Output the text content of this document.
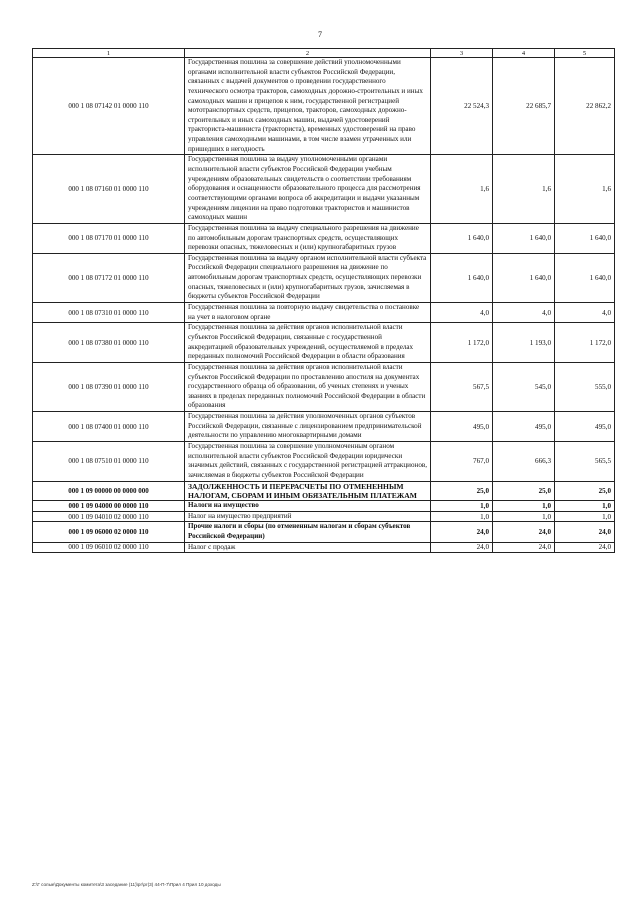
7
1	2	3	4	5
000 1 08 07142 01 0000 110	Государственная пошлина за совершение действий уполномоченными органами исполнительной власти субъектов Российской Федерации, связанных с выдачей документов о проведении государственного технического осмотра тракторов, самоходных дорожно-строительных и иных самоходных машин и прицепов к ним, государственной регистрацией мототранспортных средств, прицепов, тракторов, самоходных дорожно-строительных и иных самоходных машин, выдачей удостоверений тракториста-машиниста (тракториста), временных удостоверений на право управления самоходными машинами, в том числе взамен утраченных или пришедших в негодность	22 524,3	22 685,7	22 862,2
000 1 08 07160 01 0000 110	Государственная пошлина за выдачу уполномоченными органами исполнительной власти субъектов Российской Федерации учебным учреждениям образовательных свидетельств о соответствии требованиям оборудования и оснащенности образовательного процесса для рассмотрения соответствующими органами вопроса об аккредитации и выдачи указанным учреждениям лицензии на право подготовки трактористов и машинистов самоходных машин	1,6	1,6	1,6
000 1 08 07170 01 0000 110	Государственная пошлина за выдачу специального разрешения на движение по автомобильным дорогам транспортных средств, осуществляющих перевозки опасных, тяжеловесных и (или) крупногабаритных грузов	1 640,0	1 640,0	1 640,0
000 1 08 07172 01 0000 110	Государственная пошлина за выдачу органом исполнительной власти субъекта Российской Федерации специального разрешения на движение по автомобильным дорогам транспортных средств, осуществляющих перевозки опасных, тяжеловесных и (или) крупногабаритных грузов, зачисляемая в бюджеты субъектов Российской Федерации	1 640,0	1 640,0	1 640,0
000 1 08 07310 01 0000 110	Государственная пошлина за повторную выдачу свидетельства о постановке на учет в налоговом органе	4,0	4,0	4,0
000 1 08 07380 01 0000 110	Государственная пошлина за действия органов исполнительной власти субъектов Российской Федерации, связанные с государственной аккредитацией образовательных учреждений, осуществляемой в пределах переданных полномочий Российской Федерации в области образования	1 172,0	1 193,0	1 172,0
000 1 08 07390 01 0000 110	Государственная пошлина за действия органов исполнительной власти субъектов Российской Федерации по проставлению апостиля на документах государственного образца об образовании, об ученых степенях и ученых званиях в пределах переданных полномочий Российской Федерации в области образования	567,5	545,0	555,0
000 1 08 07400 01 0000 110	Государственная пошлина за действия уполномоченных органов субъектов Российской Федерации, связанные с лицензированием предпринимательской деятельности по управлению многоквартирными домами	495,0	495,0	495,0
000 1 08 07510 01 0000 110	Государственная пошлина за совершение уполномоченным органом исполнительной власти субъектов Российской Федерации юридически значимых действий, связанных с государственной регистрацией аттракционов, зачисляемая в бюджеты субъектов Российской Федерации	767,0	666,3	565,5
000 1 09 00000 00 0000 000	ЗАДОЛЖЕННОСТЬ И ПЕРЕРАСЧЕТЫ ПО ОТМЕНЕННЫМ НАЛОГАМ, СБОРАМ И ИНЫМ ОБЯЗАТЕЛЬНЫМ ПЛАТЕЖАМ	25,0	25,0	25,0
000 1 09 04000 00 0000 110	Налоги на имущество	1,0	1,0	1,0
000 1 09 04010 02 0000 110	Налог на имущество предприятий	1,0	1,0	1,0
000 1 09 06000 02 0000 110	Прочие налоги и сборы (по отмененным налогам и сборам субъектов Российской Федерации)	24,0	24,0	24,0
000 1 09 06010 02 0000 110	Налог с продаж	24,0	24,0	24,0
Z:\Г солые\Документы комитета\3 заседание (11)\рг\рг(3) 44-П-7\Прил 4 Прил 10 доходы
